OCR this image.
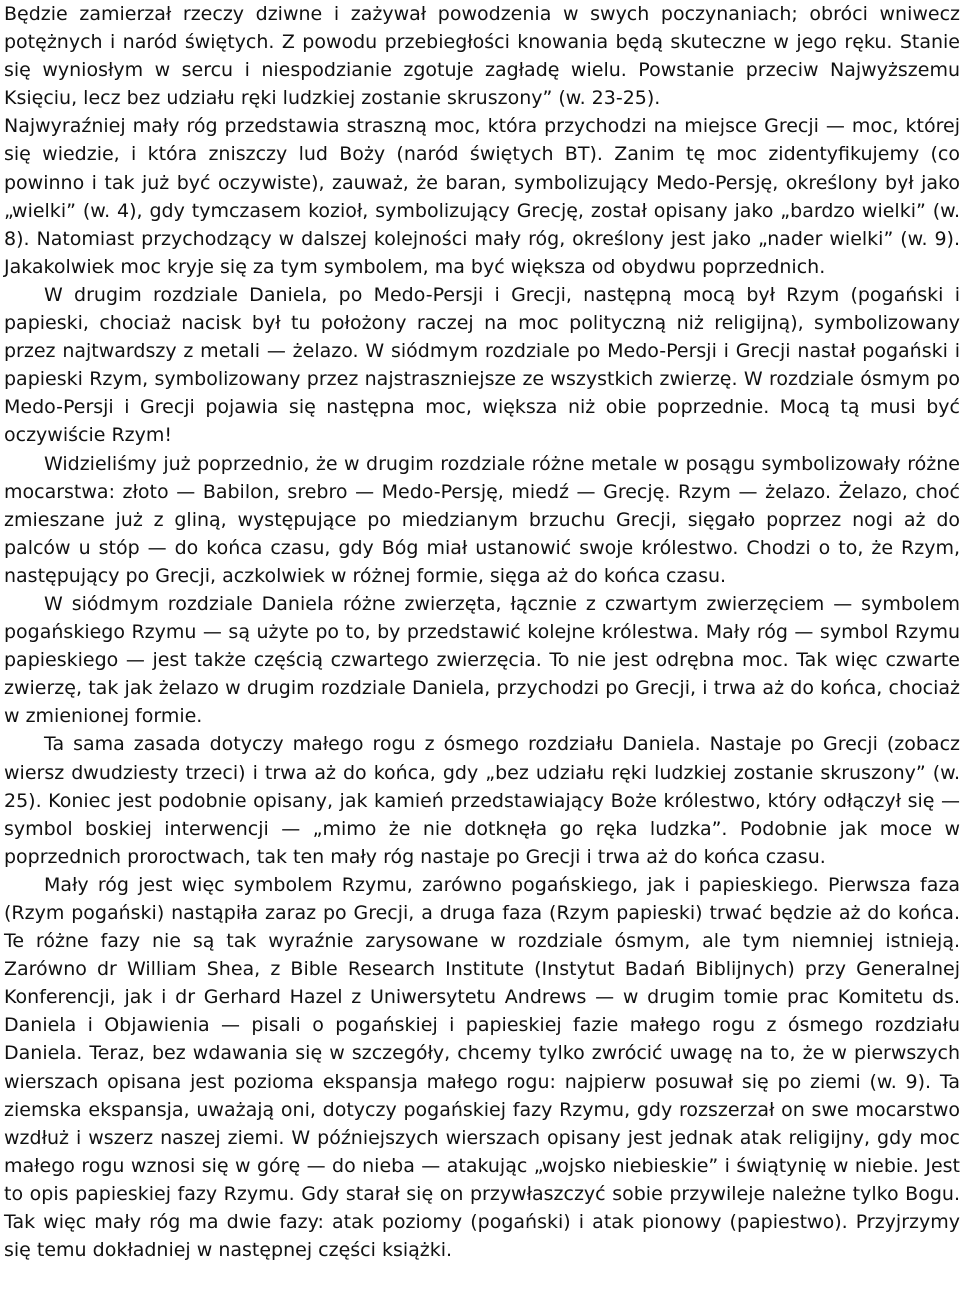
Będzie zamierzał rzeczy dziwne i zażywał powodzenia w swych poczynaniach; obróci wniwecz potężnych i naród świętych. Z powodu przebiegłości knowania będą skuteczne w jego ręku. Stanie się wyniosłym w sercu i niespodzianie zgotuje zagładę wielu. Powstanie przeciw Najwyższemu Księciu, lecz bez udziału ręki ludzkiej zostanie skruszony” (w. 23-25).

Najwyraźniej mały róg przedstawia straszną moc, która przychodzi na miejsce Grecji — moc, której się wiedzie, i która zniszczy lud Boży (naród świętych BT). Zanim tę moc zidentyfikujemy (co powinno i tak już być oczywiste), zauważ, że baran, symbolizujący Medo-Persję, określony był jako „wielki” (w. 4), gdy tymczasem kozioł, symbolizujący Grecję, został opisany jako „bardzo wielki” (w. 8). Natomiast przychodzący w dalszej kolejności mały róg, określony jest jako „nader wielki” (w. 9). Jakakolwiek moc kryje się za tym symbolem, ma być większa od obydwu poprzednich.

W drugim rozdziale Daniela, po Medo-Persji i Grecji, następną mocą był Rzym (pogański i papieski, chociaż nacisk był tu położony raczej na moc polityczną niż religijną), symbolizowany przez najtwardszy z metali — żelazo. W siódmym rozdziale po Medo-Persji i Grecji nastał pogański i papieski Rzym, symbolizowany przez najstraszniejsze ze wszystkich zwierzę. W rozdziale ósmym po Medo-Persji i Grecji pojawia się następna moc, większa niż obie poprzednie. Mocą tą musi być oczywiście Rzym!

Widzieliśmy już poprzednio, że w drugim rozdziale różne metale w posągu symbolizowały różne mocarstwa: złoto — Babilon, srebro — Medo-Persję, miedź — Grecję. Rzym — żelazo. Żelazo, choć zmieszane już z gliną, występujące po miedzianym brzuchu Grecji, sięgało poprzez nogi aż do palców u stóp — do końca czasu, gdy Bóg miał ustanowić swoje królestwo. Chodzi o to, że Rzym, następujący po Grecji, aczkolwiek w różnej formie, sięga aż do końca czasu.

W siódmym rozdziale Daniela różne zwierzęta, łącznie z czwartym zwierzęciem — symbolem pogańskiego Rzymu — są użyte po to, by przedstawić kolejne królestwa. Mały róg — symbol Rzymu papieskiego — jest także częścią czwartego zwierzęcia. To nie jest odrębna moc. Tak więc czwarte zwierzę, tak jak żelazo w drugim rozdziale Daniela, przychodzi po Grecji, i trwa aż do końca, chociaż w zmienionej formie.

Ta sama zasada dotyczy małego rogu z ósmego rozdziału Daniela. Nastaje po Grecji (zobacz wiersz dwudziesty trzeci) i trwa aż do końca, gdy „bez udziału ręki ludzkiej zostanie skruszony” (w. 25). Koniec jest podobnie opisany, jak kamień przedstawiający Boże królestwo, który odłączył się — symbol boskiej interwencji — „mimo że nie dotknęła go ręka ludzka”. Podobnie jak moce w poprzednich proroctwach, tak ten mały róg nastaje po Grecji i trwa aż do końca czasu.

Mały róg jest więc symbolem Rzymu, zarówno pogańskiego, jak i papieskiego. Pierwsza faza (Rzym pogański) nastąpiła zaraz po Grecji, a druga faza (Rzym papieski) trwać będzie aż do końca. Te różne fazy nie są tak wyraźnie zarysowane w rozdziale ósmym, ale tym niemniej istnieją. Zarówno dr William Shea, z Bible Research Institute (Instytut Badań Biblijnych) przy Generalnej Konferencji, jak i dr Gerhard Hazel z Uniwersytetu Andrews — w drugim tomie prac Komitetu ds. Daniela i Objawienia — pisali o pogańskiej i papieskiej fazie małego rogu z ósmego rozdziału Daniela. Teraz, bez wdawania się w szczegóły, chcemy tylko zwrócić uwagę na to, że w pierwszych wierszach opisana jest pozioma ekspansja małego rogu: najpierw posuwał się po ziemi (w. 9). Ta ziemska ekspansja, uważają oni, dotyczy pogańskiej fazy Rzymu, gdy rozszerzał on swe mocarstwo wzdłuż i wszerz naszej ziemi. W późniejszych wierszach opisany jest jednak atak religijny, gdy moc małego rogu wznosi się w górę — do nieba — atakując „wojsko niebieskie” i świątynię w niebie. Jest to opis papieskiej fazy Rzymu. Gdy starał się on przywłaszczyć sobie przywileje należne tylko Bogu. Tak więc mały róg ma dwie fazy: atak poziomy (pogański) i atak pionowy (papiestwo). Przyjrzymy się temu dokładniej w następnej części książki.
